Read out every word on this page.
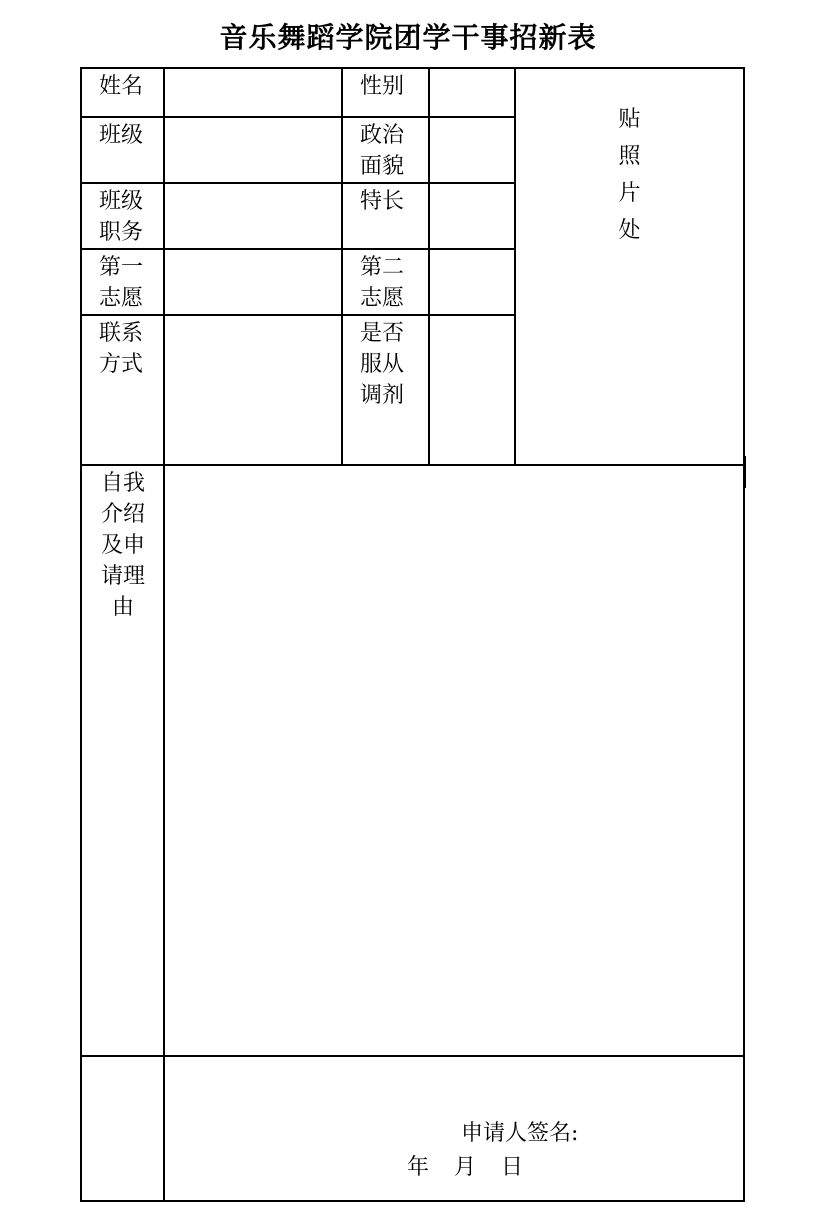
音乐舞蹈学院团学干事招新表
姓名		性别		贴照片处

班级		政治面貌		

班级职务		特长		

第一志愿		第二志愿		

联系方式		是否服从调剂		

自我介绍及申请理由				

	申请人签名:
年 月 日			
